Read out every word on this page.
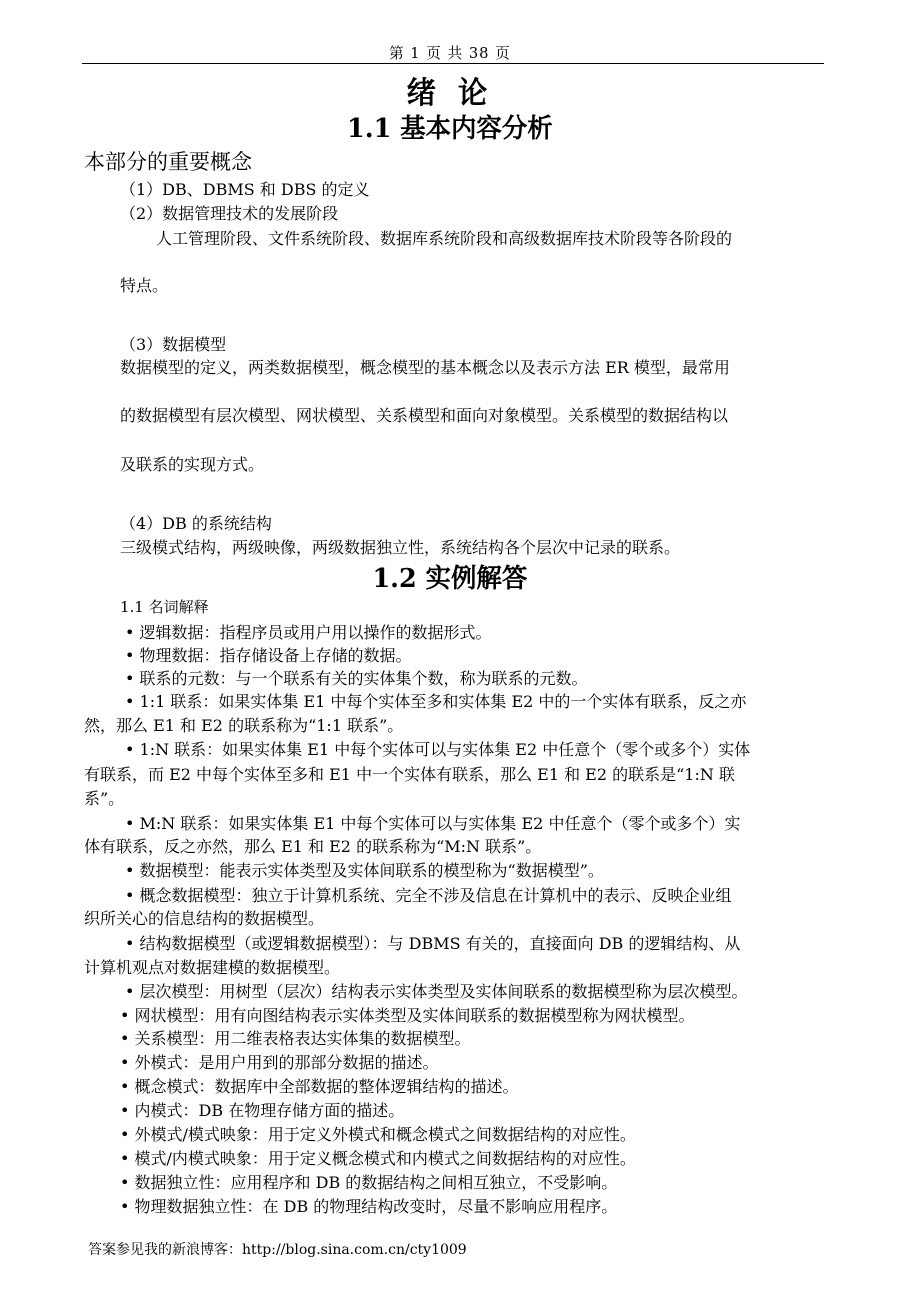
第 1 页 共 38 页
绪 论
1.1 基本内容分析
本部分的重要概念
（1）DB、DBMS 和 DBS 的定义
（2）数据管理技术的发展阶段
人工管理阶段、文件系统阶段、数据库系统阶段和高级数据库技术阶段等各阶段的
特点。
（3）数据模型
数据模型的定义，两类数据模型，概念模型的基本概念以及表示方法 ER 模型，最常用
的数据模型有层次模型、网状模型、关系模型和面向对象模型。关系模型的数据结构以
及联系的实现方式。
（4）DB 的系统结构
三级模式结构，两级映像，两级数据独立性，系统结构各个层次中记录的联系。
1.2 实例解答
1.1 名词解释
• 逻辑数据：指程序员或用户用以操作的数据形式。
• 物理数据：指存储设备上存储的数据。
• 联系的元数：与一个联系有关的实体集个数，称为联系的元数。
• 1:1 联系：如果实体集 E1 中每个实体至多和实体集 E2 中的一个实体有联系，反之亦
然，那么 E1 和 E2 的联系称为“1:1 联系”。
• 1:N 联系：如果实体集 E1 中每个实体可以与实体集 E2 中任意个（零个或多个）实体
有联系，而 E2 中每个实体至多和 E1 中一个实体有联系，那么 E1 和 E2 的联系是“1:N 联
系”。
• M:N 联系：如果实体集 E1 中每个实体可以与实体集 E2 中任意个（零个或多个）实
体有联系，反之亦然，那么 E1 和 E2 的联系称为“M:N 联系”。
• 数据模型：能表示实体类型及实体间联系的模型称为“数据模型”。
• 概念数据模型：独立于计算机系统、完全不涉及信息在计算机中的表示、反映企业组
织所关心的信息结构的数据模型。
• 结构数据模型（或逻辑数据模型）：与 DBMS 有关的，直接面向 DB 的逻辑结构、从
计算机观点对数据建模的数据模型。
• 层次模型：用树型（层次）结构表示实体类型及实体间联系的数据模型称为层次模型。
• 网状模型：用有向图结构表示实体类型及实体间联系的数据模型称为网状模型。
• 关系模型：用二维表格表达实体集的数据模型。
• 外模式：是用户用到的那部分数据的描述。
• 概念模式：数据库中全部数据的整体逻辑结构的描述。
• 内模式：DB 在物理存储方面的描述。
• 外模式/模式映象：用于定义外模式和概念模式之间数据结构的对应性。
• 模式/内模式映象：用于定义概念模式和内模式之间数据结构的对应性。
• 数据独立性：应用程序和 DB 的数据结构之间相互独立，不受影响。
• 物理数据独立性：在 DB 的物理结构改变时，尽量不影响应用程序。
答案参见我的新浪博客：http://blog.sina.com.cn/cty1009
